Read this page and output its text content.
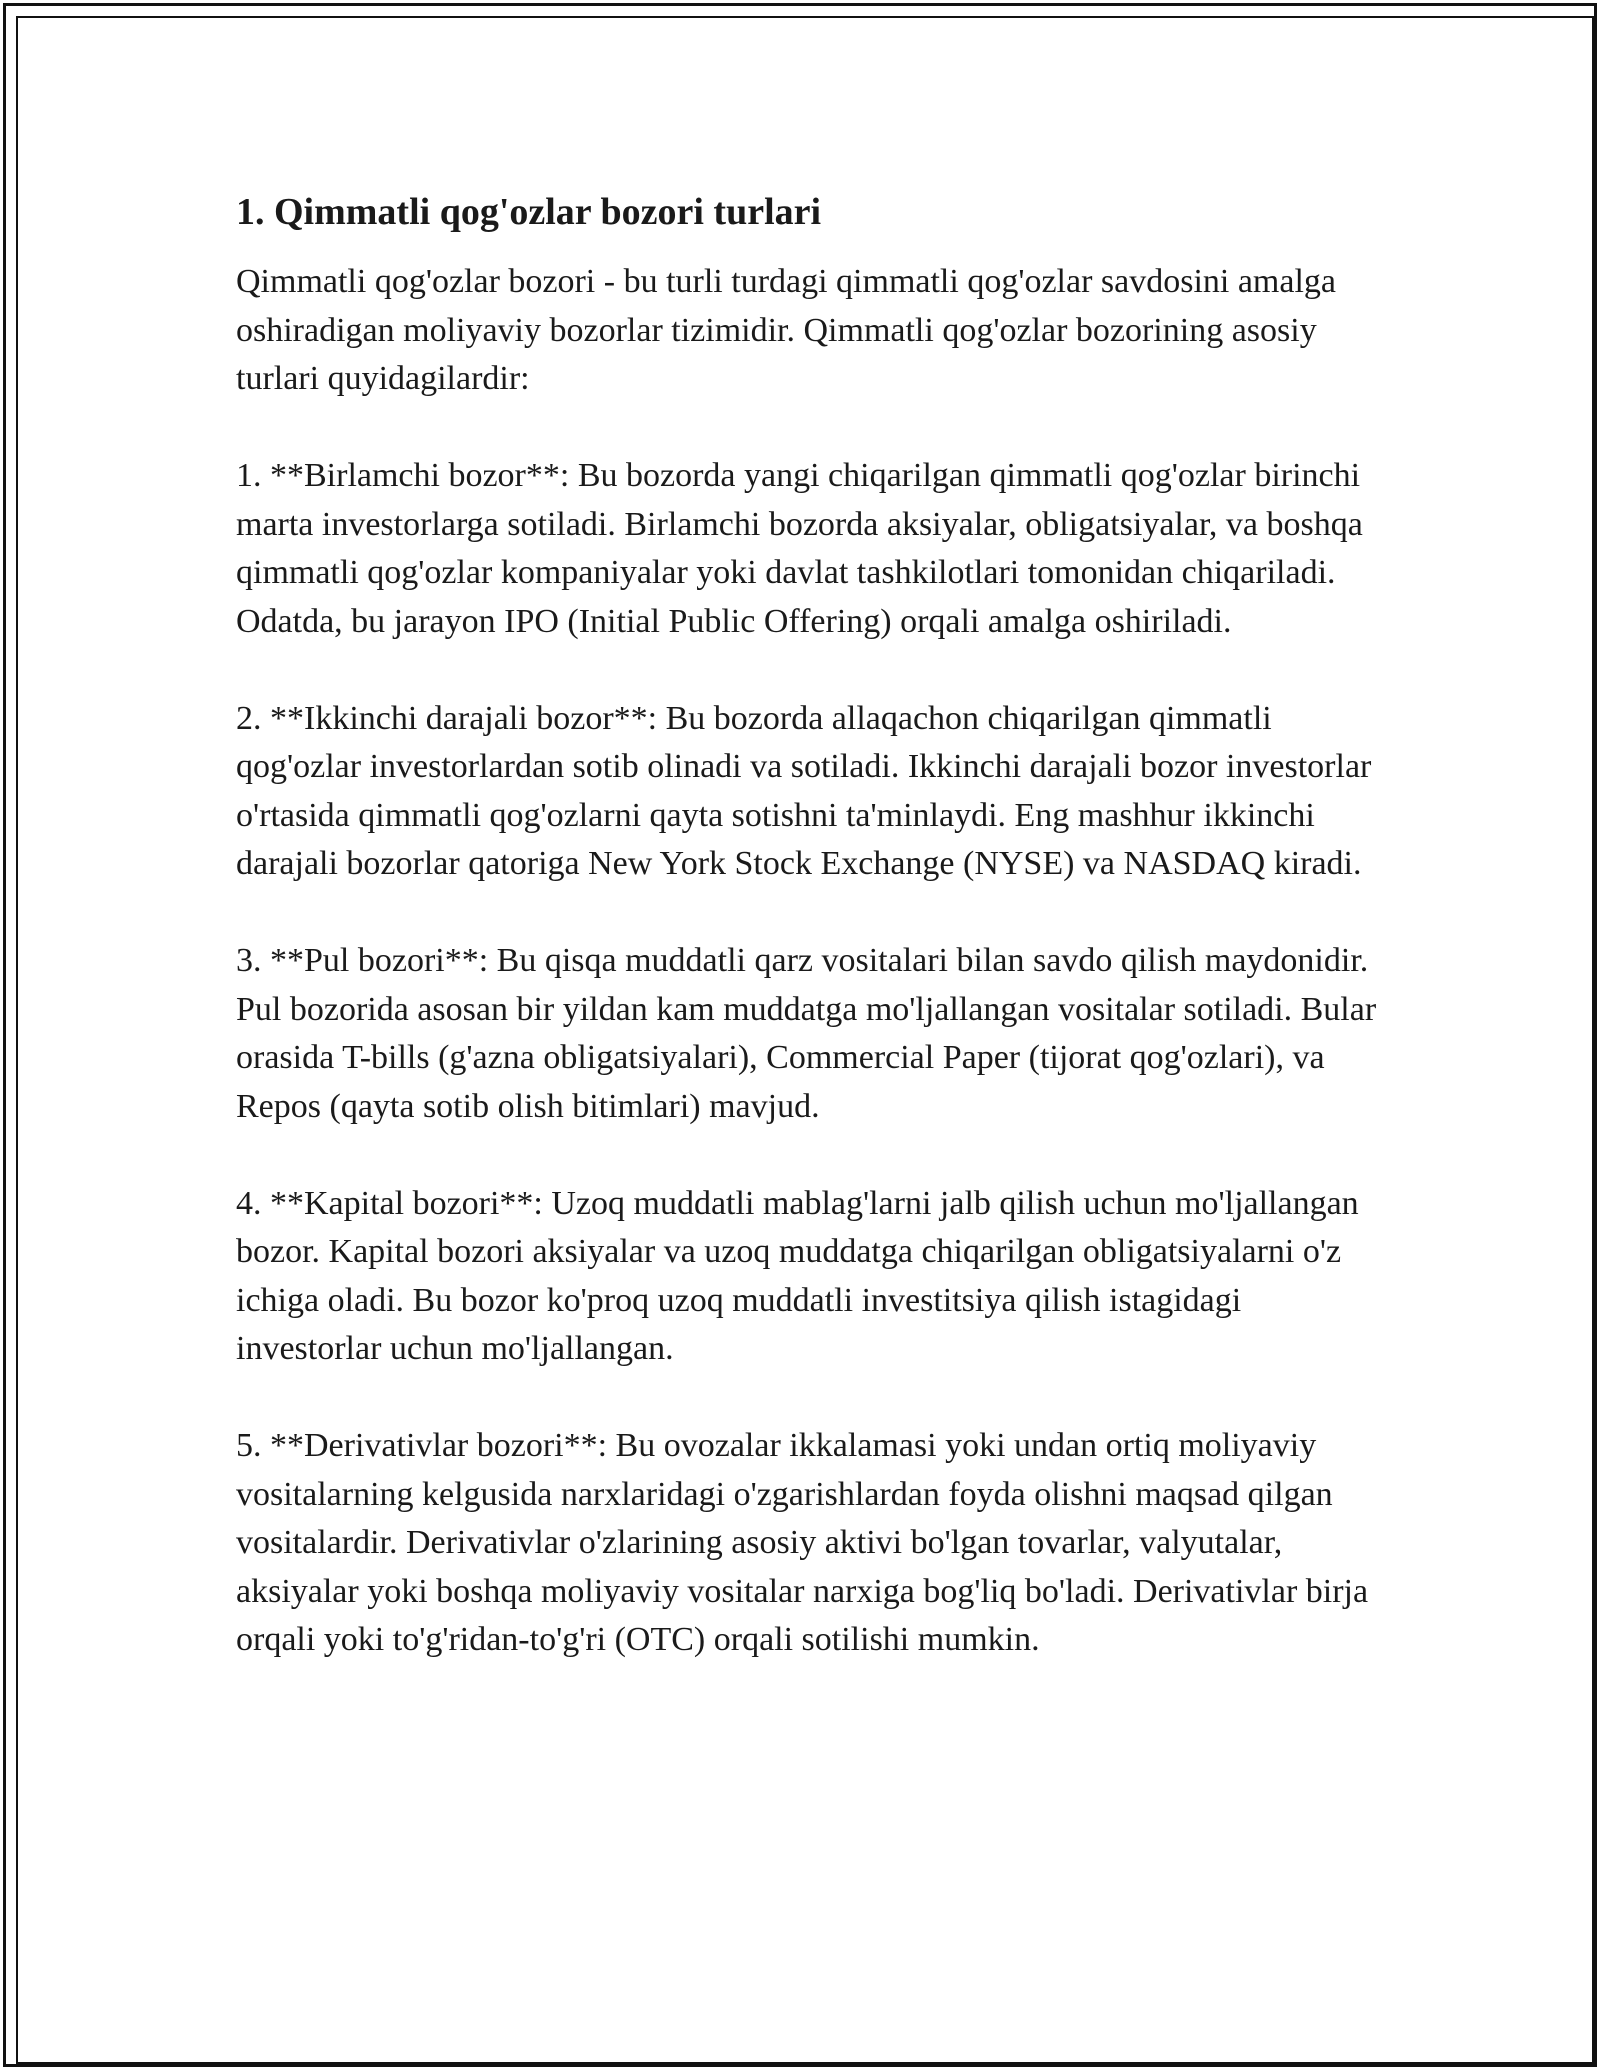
1. Qimmatli qog'ozlar bozori turlari

Qimmatli qog'ozlar bozori - bu turli turdagi qimmatli qog'ozlar savdosini amalga oshiradigan moliyaviy bozorlar tizimidir. Qimmatli qog'ozlar bozorining asosiy turlari quyidagilardir:

1. **Birlamchi bozor**: Bu bozorda yangi chiqarilgan qimmatli qog'ozlar birinchi marta investorlarga sotiladi. Birlamchi bozorda aksiyalar, obligatsiyalar, va boshqa qimmatli qog'ozlar kompaniyalar yoki davlat tashkilotlari tomonidan chiqariladi. Odatda, bu jarayon IPO (Initial Public Offering) orqali amalga oshiriladi.

2. **Ikkinchi darajali bozor**: Bu bozorda allaqachon chiqarilgan qimmatli qog'ozlar investorlardan sotib olinadi va sotiladi. Ikkinchi darajali bozor investorlar o'rtasida qimmatli qog'ozlarni qayta sotishni ta'minlaydi. Eng mashhur ikkinchi darajali bozorlar qatoriga New York Stock Exchange (NYSE) va NASDAQ kiradi.

3. **Pul bozori**: Bu qisqa muddatli qarz vositalari bilan savdo qilish maydonidir. Pul bozorida asosan bir yildan kam muddatga mo'ljallangan vositalar sotiladi. Bular orasida T-bills (g'azna obligatsiyalari), Commercial Paper (tijorat qog'ozlari), va Repos (qayta sotib olish bitimlari) mavjud.

4. **Kapital bozori**: Uzoq muddatli mablag'larni jalb qilish uchun mo'ljallangan bozor. Kapital bozori aksiyalar va uzoq muddatga chiqarilgan obligatsiyalarni o'z ichiga oladi. Bu bozor ko'proq uzoq muddatli investitsiya qilish istagidagi investorlar uchun mo'ljallangan.

5. **Derivativlar bozori**: Bu ovozalar ikkalamasi yoki undan ortiq moliyaviy vositalarning kelgusida narxlaridagi o'zgarishlardan foyda olishni maqsad qilgan vositalardir. Derivativlar o'zlarining asosiy aktivi bo'lgan tovarlar, valyutalar, aksiyalar yoki boshqa moliyaviy vositalar narxiga bog'liq bo'ladi. Derivativlar birja orqali yoki to'g'ridan-to'g'ri (OTC) orqali sotilishi mumkin.
